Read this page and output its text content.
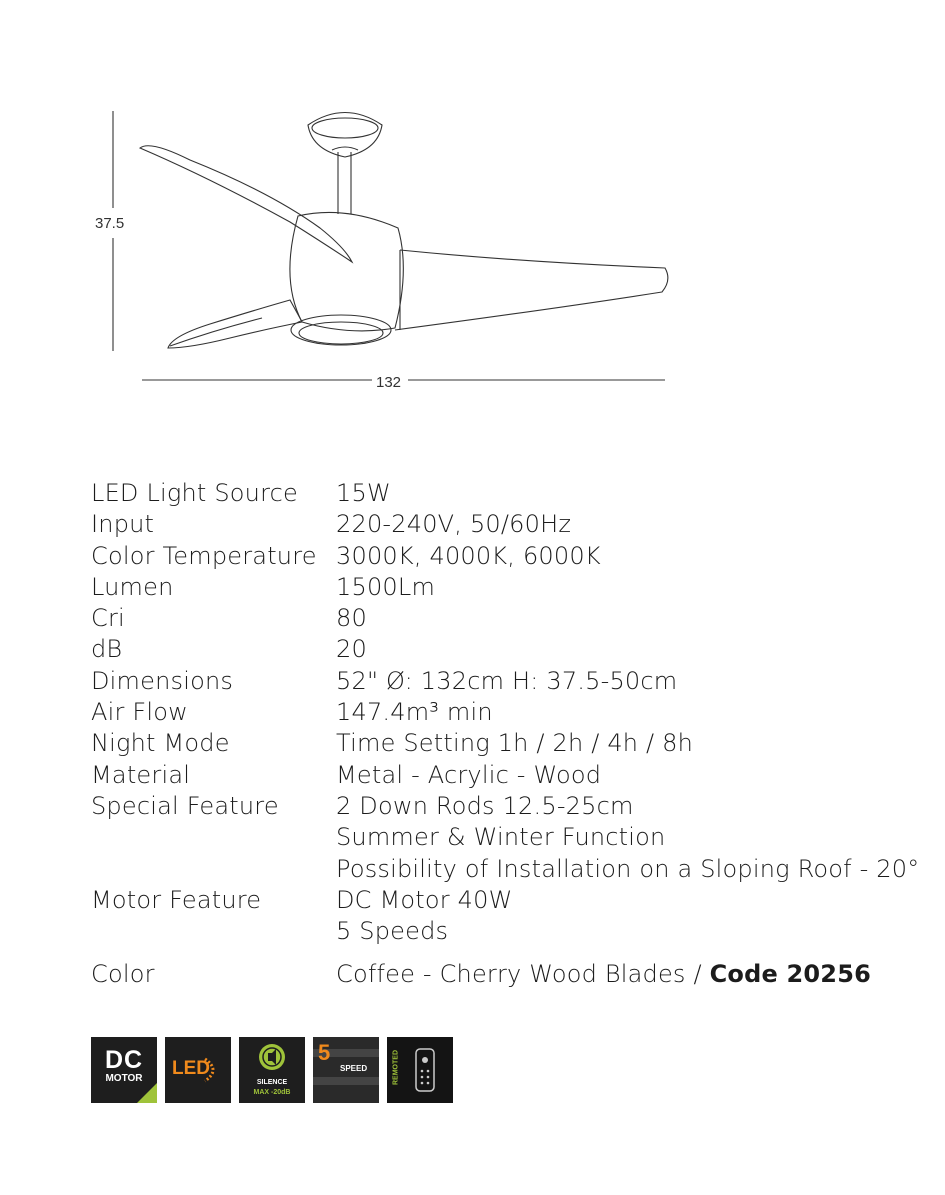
37.5
132
LED Light Source	15W
Input	220-240V, 50/60Hz
Color Temperature 3000K, 4000K, 6000K
Lumen	1500Lm
Cri	80
dB	20
Dimensions	52" Ø: 132cm H: 37.5-50cm
Air Flow	147.4m³ min
Night Mode	Time Setting 1h / 2h / 4h / 8h
Material	Metal - Acrylic - Wood
Special Feature	2 Down Rods 12.5-25cm
Summer & Winter Function
Possibility of Installation on a Sloping Roof - 20°
Motor Feature	DC Motor 40W
5 Speeds
Color	Coffee - Cherry Wood Blades / Code 20256
DC
MOTOR	LED
SILENCE
MAX -20dB
5
SPEED	REMOTED
